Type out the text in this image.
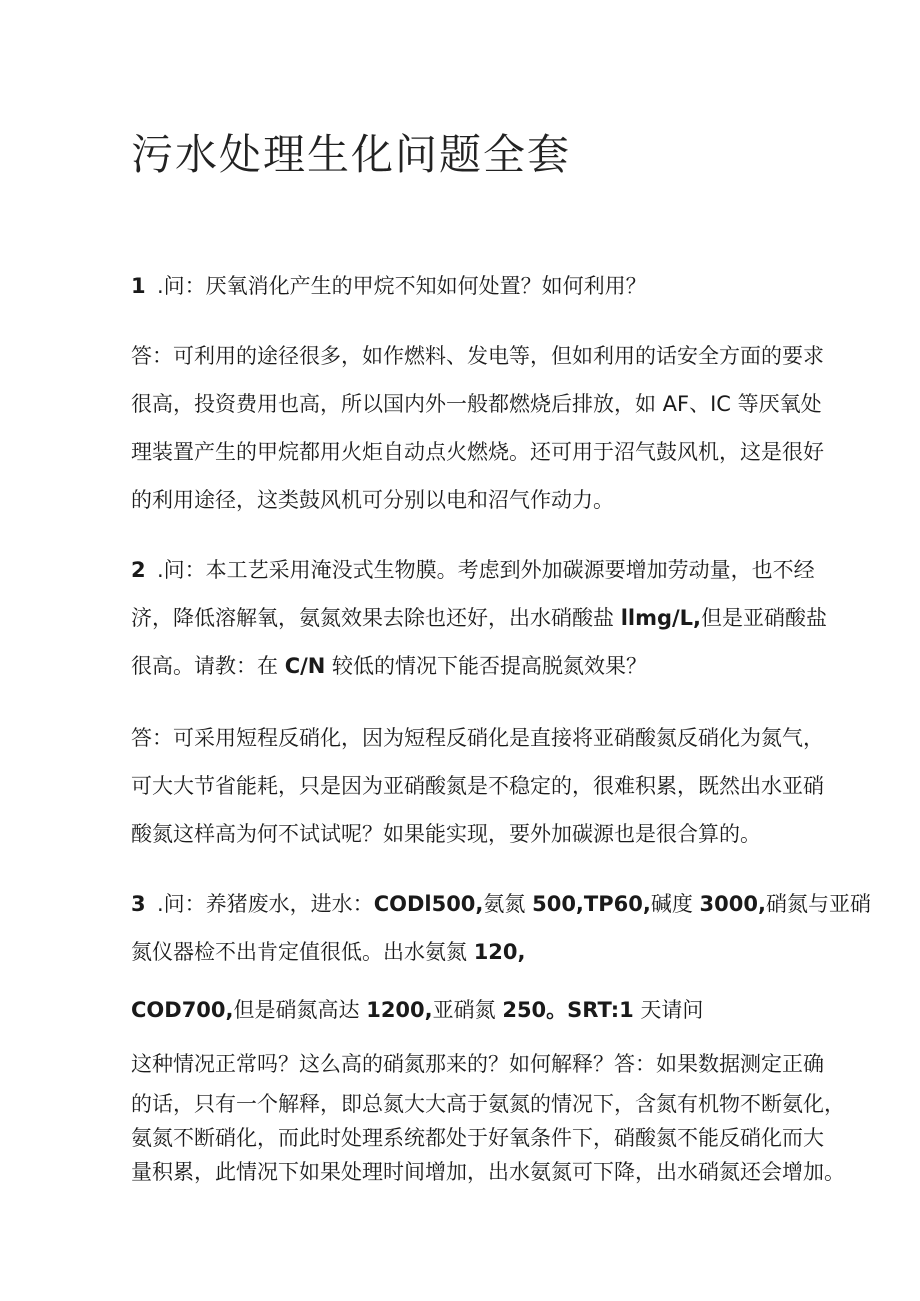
污水处理生化问题全套
1 .问：厌氧消化产生的甲烷不知如何处置？如何利用？
答：可利用的途径很多，如作燃料、发电等，但如利用的话安全方面的要求
很高，投资费用也高，所以国内外一般都燃烧后排放，如 AF、IC 等厌氧处
理装置产生的甲烷都用火炬自动点火燃烧。还可用于沼气鼓风机，这是很好
的利用途径，这类鼓风机可分别以电和沼气作动力。
2 .问：本工艺采用淹没式生物膜。考虑到外加碳源要增加劳动量，也不经
济，降低溶解氧，氨氮效果去除也还好，出水硝酸盐 llmg/L,但是亚硝酸盐
很高。请教：在 C/N 较低的情况下能否提高脱氮效果？
答：可采用短程反硝化，因为短程反硝化是直接将亚硝酸氮反硝化为氮气，
可大大节省能耗，只是因为亚硝酸氮是不稳定的，很难积累，既然出水亚硝
酸氮这样高为何不试试呢？如果能实现，要外加碳源也是很合算的。
3 .问：养猪废水，进水：CODl500,氨氮 500,TP60,碱度 3000,硝氮与亚硝
氮仪器检不出肯定值很低。出水氨氮 120,
COD700,但是硝氮高达 1200,亚硝氮 250。SRT:1 天请问
这种情况正常吗？这么高的硝氮那来的？如何解释？答：如果数据测定正确
的话，只有一个解释，即总氮大大高于氨氮的情况下，含氮有机物不断氨化，
氨氮不断硝化，而此时处理系统都处于好氧条件下，硝酸氮不能反硝化而大
量积累，此情况下如果处理时间增加，出水氨氮可下降，出水硝氮还会增加。
